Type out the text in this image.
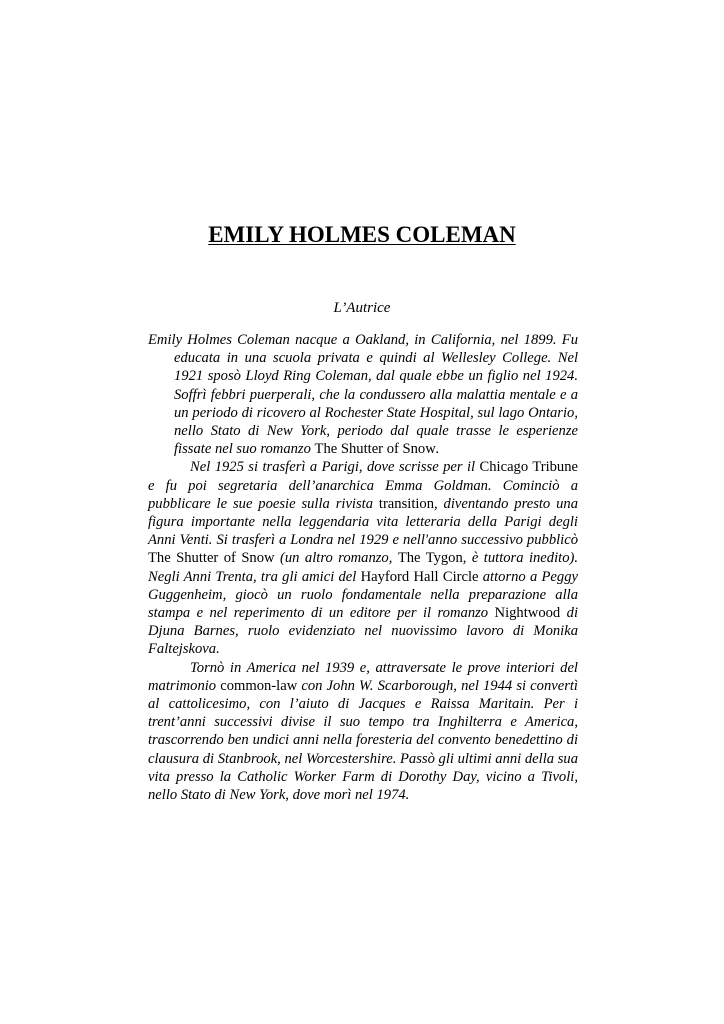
EMILY HOLMES COLEMAN
L’Autrice

Emily Holmes Coleman nacque a Oakland, in California, nel 1899. Fu educata in una scuola privata e quindi al Wellesley College. Nel 1921 sposò Lloyd Ring Coleman, dal quale ebbe un figlio nel 1924. Soffrì febbri puerperali, che la condussero alla malattia mentale e a un periodo di ricovero al Rochester State Hospital, sul lago Ontario, nello Stato di New York, periodo dal quale trasse le esperienze fissate nel suo romanzo The Shutter of Snow.

Nel 1925 si trasferì a Parigi, dove scrisse per il Chicago Tribune e fu poi segretaria dell’anarchica Emma Goldman. Cominciò a pubblicare le sue poesie sulla rivista transition, diventando presto una figura importante nella leggendaria vita letteraria della Parigi degli Anni Venti. Si trasferì a Londra nel 1929 e nell'anno successivo pubblicò The Shutter of Snow (un altro romanzo, The Tygon, è tuttora inedito). Negli Anni Trenta, tra gli amici del Hayford Hall Circle attorno a Peggy Guggenheim, giocò un ruolo fondamentale nella preparazione alla stampa e nel reperimento di un editore per il romanzo Nightwood di Djuna Barnes, ruolo evidenziato nel nuovissimo lavoro di Monika Faltejskova.

Tornò in America nel 1939 e, attraversate le prove interiori del matrimonio common-law con John W. Scarborough, nel 1944 si convertì al cattolicesimo, con l’aiuto di Jacques e Raissa Maritain. Per i trent’anni successivi divise il suo tempo tra Inghilterra e America, trascorrendo ben undici anni nella foresteria del convento benedettino di clausura di Stanbrook, nel Worcestershire. Passò gli ultimi anni della sua vita presso la Catholic Worker Farm di Dorothy Day, vicino a Tivoli, nello Stato di New York, dove morì nel 1974.
